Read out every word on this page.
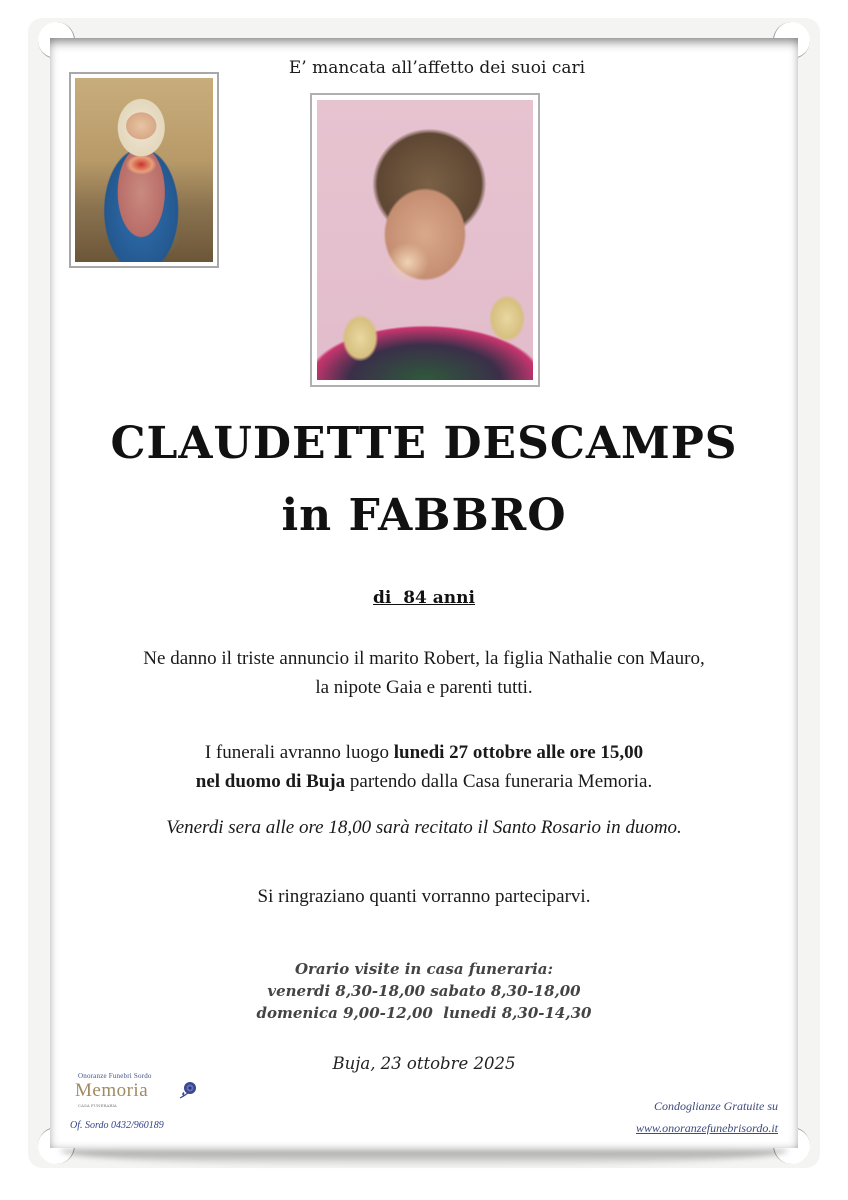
E’ mancata all’affetto dei suoi cari
CLAUDETTE DESCAMPS
in FABBRO
di  84 anni
Ne danno il triste annuncio il marito Robert, la figlia Nathalie con Mauro,
la nipote Gaia e parenti tutti.
I funerali avranno luogo lunedi 27 ottobre alle ore 15,00
nel duomo di Buja partendo dalla Casa funeraria Memoria.
Venerdi sera alle ore 18,00 sarà recitato il Santo Rosario in duomo.
Si ringraziano quanti vorranno parteciparvi.
Orario visite in casa funeraria:
venerdi 8,30-18,00 sabato 8,30-18,00
domenica 9,00-12,00  lunedi 8,30-14,30
Buja, 23 ottobre 2025
Onoranze Funebri Sordo
Memoria
CASA FUNERARIA
Of. Sordo 0432/960189
Condoglianze Gratuite su
www.onoranzefunebrisordo.it
